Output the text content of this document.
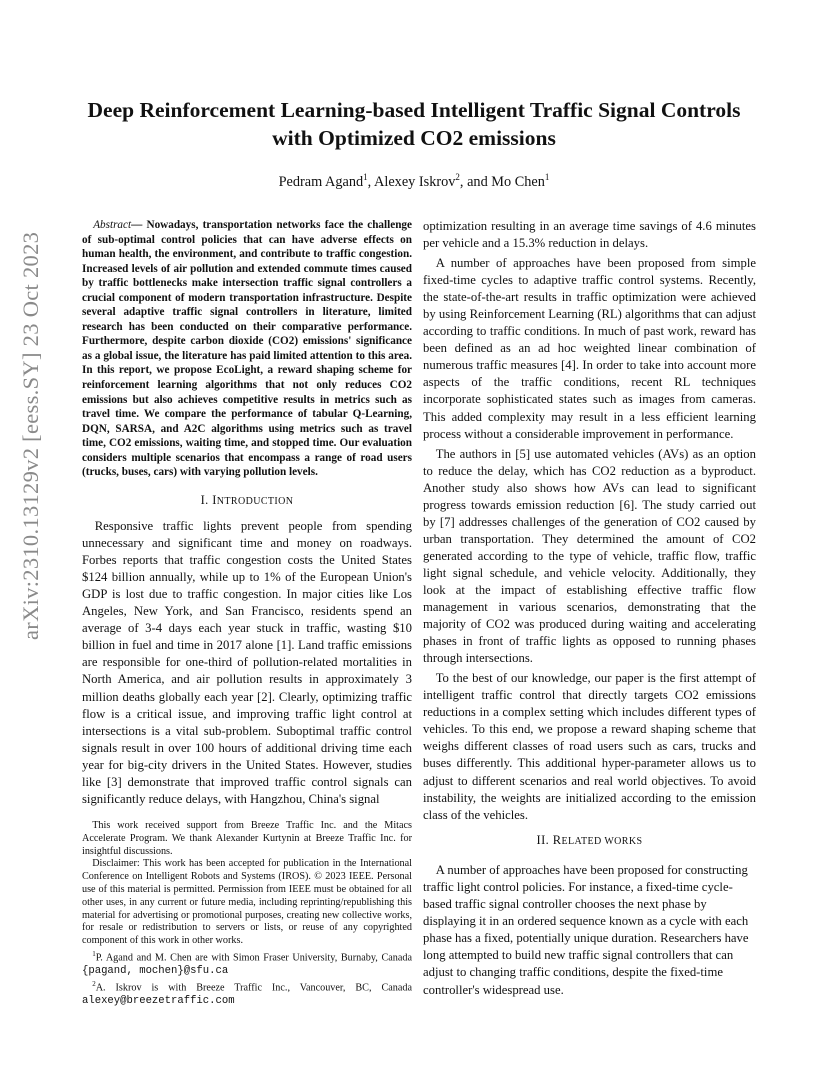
arXiv:2310.13129v2 [eess.SY] 23 Oct 2023
Deep Reinforcement Learning-based Intelligent Traffic Signal Controls
with Optimized CO2 emissions
Pedram Agand$^1$, Alexey Iskrov$^2$, and Mo Chen$^1$

Abstract— Nowadays, transportation networks face the challenge of sub-optimal control policies that can have adverse effects on human health, the environment, and contribute to traffic congestion. Increased levels of air pollution and extended commute times caused by traffic bottlenecks make intersection traffic signal controllers a crucial component of modern transportation infrastructure. Despite several adaptive traffic signal controllers in literature, limited research has been conducted on their comparative performance. Furthermore, despite carbon dioxide (CO2) emissions' significance as a global issue, the literature has paid limited attention to this area. In this report, we propose EcoLight, a reward shaping scheme for reinforcement learning algorithms that not only reduces CO2 emissions but also achieves competitive results in metrics such as travel time. We compare the performance of tabular Q-Learning, DQN, SARSA, and A2C algorithms using metrics such as travel time, CO2 emissions, waiting time, and stopped time. Our evaluation considers multiple scenarios that encompass a range of road users (trucks, buses, cars) with varying pollution levels.

I. INTRODUCTION

Responsive traffic lights prevent people from spending unnecessary and significant time and money on roadways. Forbes reports that traffic congestion costs the United States $124 billion annually, while up to 1% of the European Union's GDP is lost due to traffic congestion. In major cities like Los Angeles, New York, and San Francisco, residents spend an average of 3-4 days each year stuck in traffic, wasting $10 billion in fuel and time in 2017 alone [1]. Land traffic emissions are responsible for one-third of pollution-related mortalities in North America, and air pollution results in approximately 3 million deaths globally each year [2]. Clearly, optimizing traffic flow is a critical issue, and improving traffic light control at intersections is a vital sub-problem. Suboptimal traffic control signals result in over 100 hours of additional driving time each year for big-city drivers in the United States. However, studies like [3] demonstrate that improved traffic control signals can significantly reduce delays, with Hangzhou, China's signal

This work received support from Breeze Traffic Inc. and the Mitacs Accelerate Program. We thank Alexander Kurtynin at Breeze Traffic Inc. for insightful discussions.

Disclaimer: This work has been accepted for publication in the International Conference on Intelligent Robots and Systems (IROS). © 2023 IEEE. Personal use of this material is permitted. Permission from IEEE must be obtained for all other uses, in any current or future media, including reprinting/republishing this material for advertising or promotional purposes, creating new collective works, for resale or redistribution to servers or lists, or reuse of any copyrighted component of this work in other works.

$^1$P. Agand and M. Chen are with Simon Fraser University, Burnaby, Canada {pagand, mochen}@sfu.ca

$^2$A. Iskrov is with Breeze Traffic Inc., Vancouver, BC, Canada alexey@breezetraffic.com

optimization resulting in an average time savings of 4.6 minutes per vehicle and a 15.3% reduction in delays.

A number of approaches have been proposed from simple fixed-time cycles to adaptive traffic control systems. Recently, the state-of-the-art results in traffic optimization were achieved by using Reinforcement Learning (RL) algorithms that can adjust according to traffic conditions. In much of past work, reward has been defined as an ad hoc weighted linear combination of numerous traffic measures [4]. In order to take into account more aspects of the traffic conditions, recent RL techniques incorporate sophisticated states such as images from cameras. This added complexity may result in a less efficient learning process without a considerable improvement in performance.

The authors in [5] use automated vehicles (AVs) as an option to reduce the delay, which has CO2 reduction as a byproduct. Another study also shows how AVs can lead to significant progress towards emission reduction [6]. The study carried out by [7] addresses challenges of the generation of CO2 caused by urban transportation. They determined the amount of CO2 generated according to the type of vehicle, traffic flow, traffic light signal schedule, and vehicle velocity. Additionally, they look at the impact of establishing effective traffic flow management in various scenarios, demonstrating that the majority of CO2 was produced during waiting and accelerating phases in front of traffic lights as opposed to running phases through intersections.

To the best of our knowledge, our paper is the first attempt of intelligent traffic control that directly targets CO2 emissions reductions in a complex setting which includes different types of vehicles. To this end, we propose a reward shaping scheme that weighs different classes of road users such as cars, trucks and buses differently. This additional hyper-parameter allows us to adjust to different scenarios and real world objectives. To avoid instability, the weights are initialized according to the emission class of the vehicles.

II. RELATED WORKS

A number of approaches have been proposed for constructing traffic light control policies. For instance, a fixed-time cycle-based traffic signal controller chooses the next phase by displaying it in an ordered sequence known as a cycle with each phase has a fixed, potentially unique duration. Researchers have long attempted to build new traffic signal controllers that can adjust to changing traffic conditions, despite the fixed-time controller's widespread use.
